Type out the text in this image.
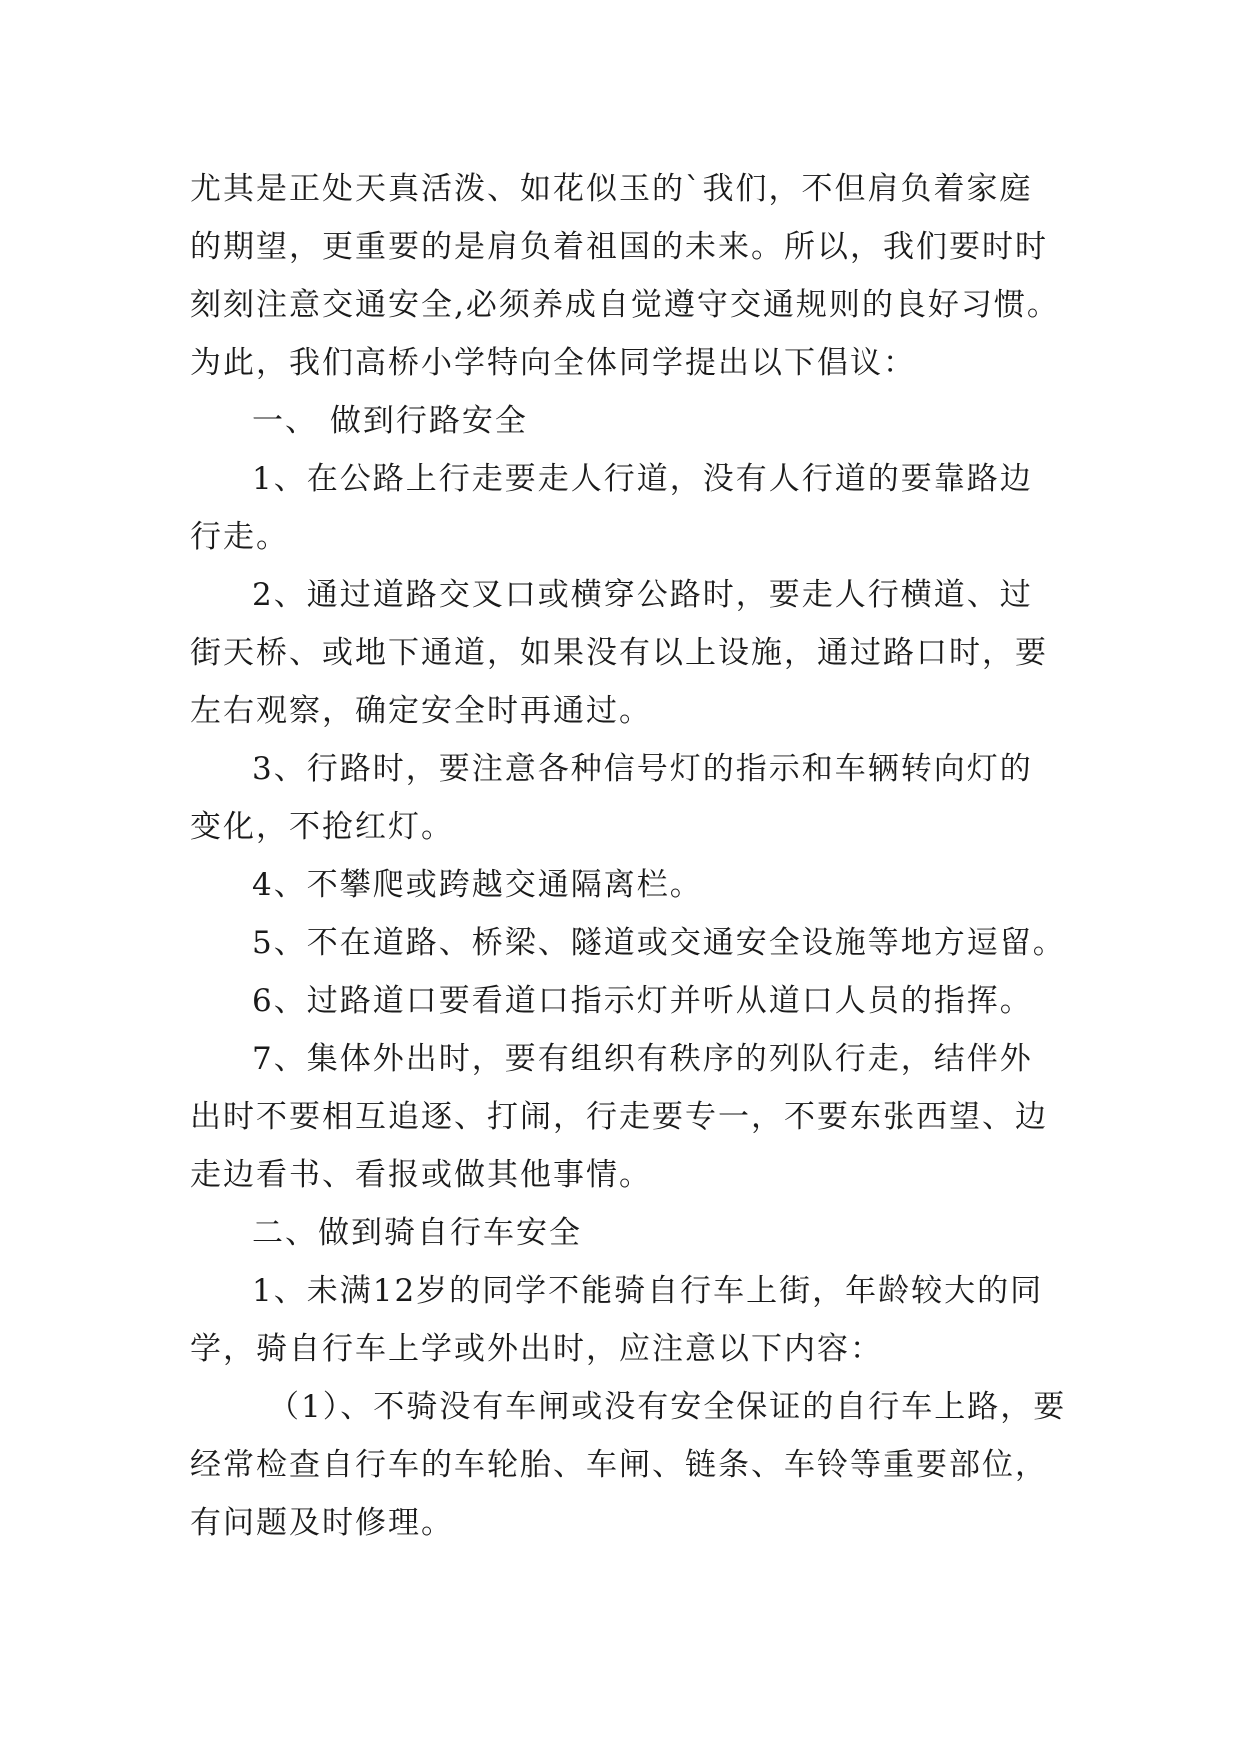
尤其是正处天真活泼、如花似玉的`我们，不但肩负着家庭
的期望，更重要的是肩负着祖国的未来。所以，我们要时时
刻刻注意交通安全,必须养成自觉遵守交通规则的良好习惯。
为此，我们高桥小学特向全体同学提出以下倡议：
一、 做到行路安全
1、在公路上行走要走人行道，没有人行道的要靠路边
行走。
2、通过道路交叉口或横穿公路时，要走人行横道、过
街天桥、或地下通道，如果没有以上设施，通过路口时，要
左右观察，确定安全时再通过。
3、行路时，要注意各种信号灯的指示和车辆转向灯的
变化，不抢红灯。
4、不攀爬或跨越交通隔离栏。
5、不在道路、桥梁、隧道或交通安全设施等地方逗留。
6、过路道口要看道口指示灯并听从道口人员的指挥。
7、集体外出时，要有组织有秩序的列队行走，结伴外
出时不要相互追逐、打闹，行走要专一，不要东张西望、边
走边看书、看报或做其他事情。
二、做到骑自行车安全
1、未满12岁的同学不能骑自行车上街，年龄较大的同
学，骑自行车上学或外出时，应注意以下内容：
（1）、不骑没有车闸或没有安全保证的自行车上路，要
经常检查自行车的车轮胎、车闸、链条、车铃等重要部位，
有问题及时修理。
